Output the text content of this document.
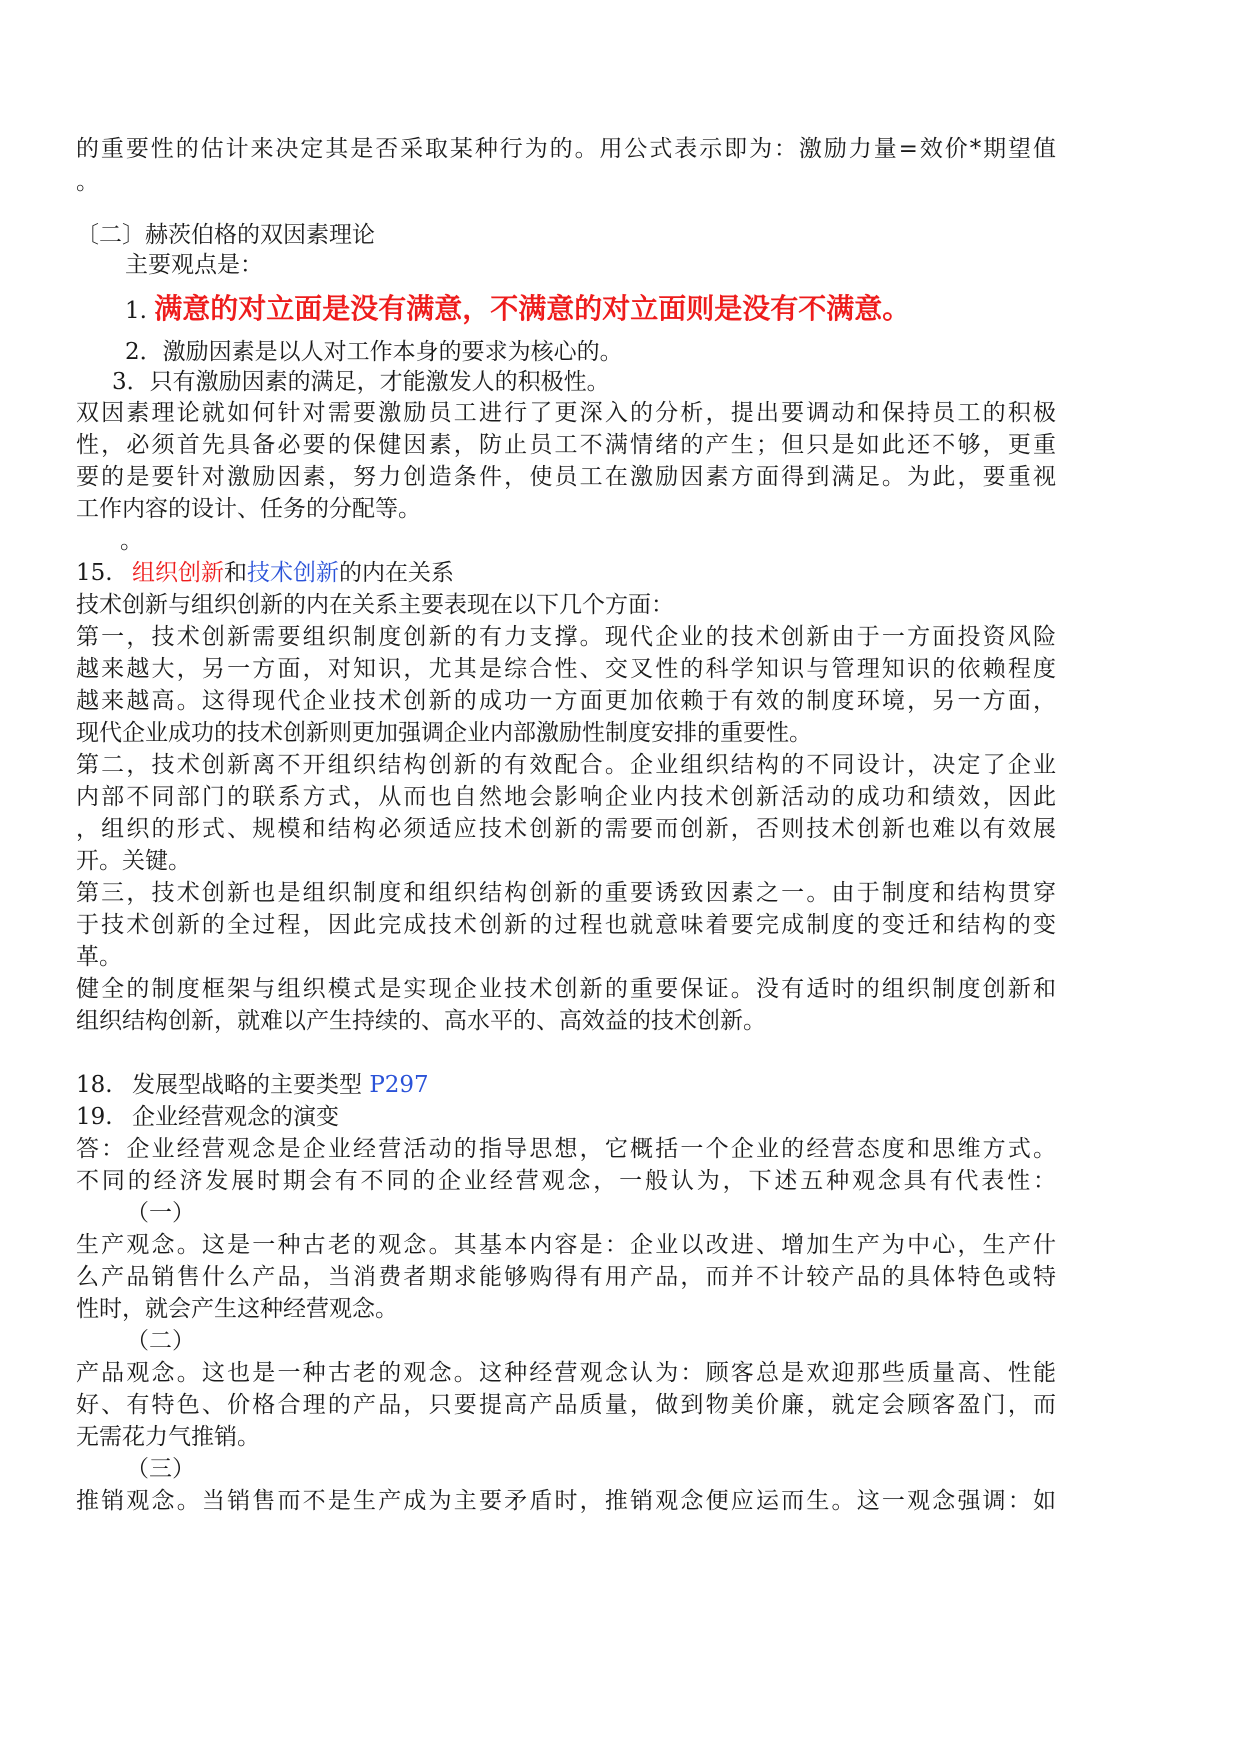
的重要性的估计来决定其是否采取某种行为的。用公式表示即为：激励力量=效价*期望值
。
〔二〕赫茨伯格的双因素理论
主要观点是：
1. 满意的对立面是没有满意，不满意的对立面则是没有不满意。
2．激励因素是以人对工作本身的要求为核心的。
3．只有激励因素的满足，才能激发人的积极性。
双因素理论就如何针对需要激励员工进行了更深入的分析，提出要调动和保持员工的积极
性，必须首先具备必要的保健因素，防止员工不满情绪的产生；但只是如此还不够，更重
要的是要针对激励因素，努力创造条件，使员工在激励因素方面得到满足。为此，要重视
工作内容的设计、任务的分配等。
。
15. 组织创新和技术创新的内在关系
技术创新与组织创新的内在关系主要表现在以下几个方面：
第一，技术创新需要组织制度创新的有力支撑。现代企业的技术创新由于一方面投资风险
越来越大，另一方面，对知识，尤其是综合性、交叉性的科学知识与管理知识的依赖程度
越来越高。这得现代企业技术创新的成功一方面更加依赖于有效的制度环境，另一方面，
现代企业成功的技术创新则更加强调企业内部激励性制度安排的重要性。
第二，技术创新离不开组织结构创新的有效配合。企业组织结构的不同设计，决定了企业
内部不同部门的联系方式，从而也自然地会影响企业内技术创新活动的成功和绩效，因此
，组织的形式、规模和结构必须适应技术创新的需要而创新，否则技术创新也难以有效展
开。关键。
第三，技术创新也是组织制度和组织结构创新的重要诱致因素之一。由于制度和结构贯穿
于技术创新的全过程，因此完成技术创新的过程也就意味着要完成制度的变迁和结构的变
革。
健全的制度框架与组织模式是实现企业技术创新的重要保证。没有适时的组织制度创新和
组织结构创新，就难以产生持续的、高水平的、高效益的技术创新。
18. 发展型战略的主要类型 P297
19. 企业经营观念的演变
答：企业经营观念是企业经营活动的指导思想，它概括一个企业的经营态度和思维方式。
不同的经济发展时期会有不同的企业经营观念，一般认为，下述五种观念具有代表性：
（一）
生产观念。这是一种古老的观念。其基本内容是：企业以改进、增加生产为中心，生产什
么产品销售什么产品，当消费者期求能够购得有用产品，而并不计较产品的具体特色或特
性时，就会产生这种经营观念。
（二）
产品观念。这也是一种古老的观念。这种经营观念认为：顾客总是欢迎那些质量高、性能
好、有特色、价格合理的产品，只要提高产品质量，做到物美价廉，就定会顾客盈门，而
无需花力气推销。
（三）
推销观念。当销售而不是生产成为主要矛盾时，推销观念便应运而生。这一观念强调：如
